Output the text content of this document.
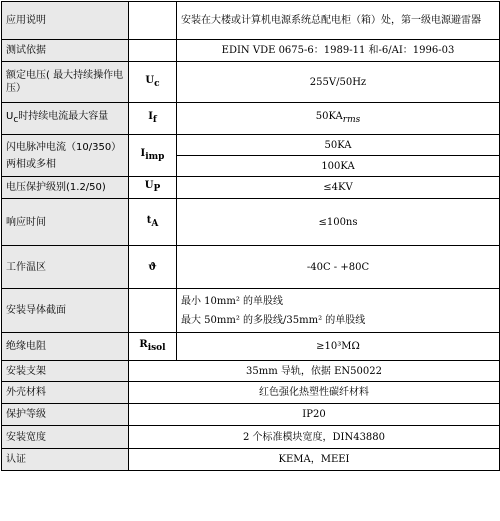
应用说明		安装在大楼或计算机电源系统总配电柜（箱）处，第一级电源避雷器
测试依据		EDIN VDE 0675-6：1989-11 和-6/AI：1996-03
额定电压( 最大持续操作电压）	$U_c$	255V/50Hz
$U_c$时持续电流最大容量	$I_f$	$50KA_{rms}$

闪电脉冲电流（10/350）
两相或多相	$I_{imp}$	50KA
		100KA
电压保护级别(1.2/50)	$U_P$	≤4KV
响应时间	$t_A$	≤100ns
工作温区	ϑ	-40C - +80C
安装导体截面		最小 10mm² 的单股线
最大 50mm² 的多股线/35mm² 的单股线

绝缘电阻	$R_{isol}$	≥10³MΩ
安装支架	35mm 导轨，依据 EN50022	
外壳材料	红色强化热塑性碳纤材料	
保护等级	IP20	
安装宽度	2 个标准模块宽度，DIN43880	
认证	KEMA，MEEI	
